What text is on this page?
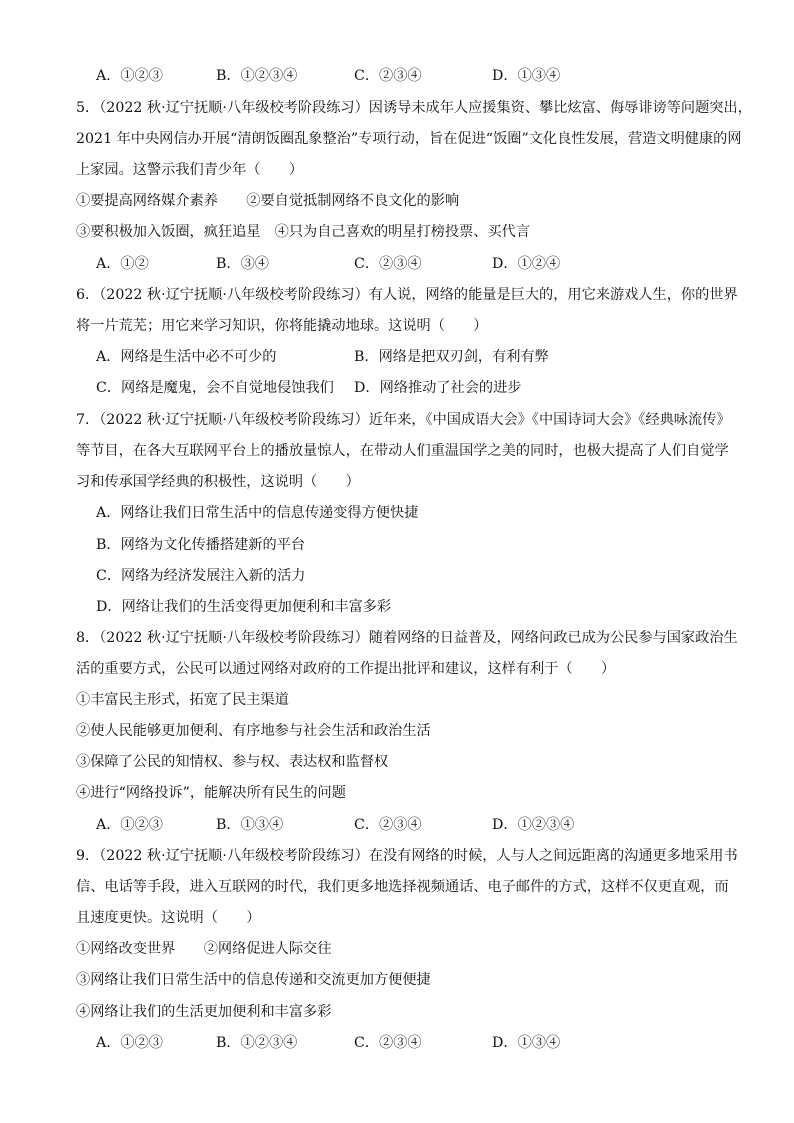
A．①②③	B．①②③④	C．②③④	D．①③④
5．（2022 秋·辽宁抚顺·八年级校考阶段练习）因诱导未成年人应援集资、攀比炫富、侮辱诽谤等问题突出，
2021 年中央网信办开展“清朗饭圈乱象整治”专项行动，旨在促进“饭圈”文化良性发展，营造文明健康的网
上家园。这警示我们青少年（　　）
①要提高网络媒介素养　　②要自觉抵制网络不良文化的影响
③要积极加入饭圈，疯狂追星　④只为自己喜欢的明星打榜投票、买代言
A．①②	B．③④	C．②③④	D．①②④
6．（2022 秋·辽宁抚顺·八年级校考阶段练习）有人说，网络的能量是巨大的，用它来游戏人生，你的世界
将一片荒芜；用它来学习知识，你将能撬动地球。这说明（　　）
A．网络是生活中必不可少的	B．网络是把双刃剑，有利有弊
C．网络是魔鬼，会不自觉地侵蚀我们 D．网络推动了社会的进步
7．（2022 秋·辽宁抚顺·八年级校考阶段练习）近年来，《中国成语大会》《中国诗词大会》《经典咏流传》
等节目，在各大互联网平台上的播放量惊人，在带动人们重温国学之美的同时，也极大提高了人们自觉学
习和传承国学经典的积极性，这说明（　　）
A．网络让我们日常生活中的信息传递变得方便快捷
B．网络为文化传播搭建新的平台
C．网络为经济发展注入新的活力
D．网络让我们的生活变得更加便利和丰富多彩
8．（2022 秋·辽宁抚顺·八年级校考阶段练习）随着网络的日益普及，网络问政已成为公民参与国家政治生
活的重要方式，公民可以通过网络对政府的工作提出批评和建议，这样有利于（　　）
①丰富民主形式，拓宽了民主渠道
②使人民能够更加便利、有序地参与社会生活和政治生活
③保障了公民的知情权、参与权、表达权和监督权
④进行“网络投诉”，能解决所有民生的问题
A．①②③	B．①③④	C．②③④	D．①②③④
9．（2022 秋·辽宁抚顺·八年级校考阶段练习）在没有网络的时候，人与人之间远距离的沟通更多地采用书
信、电话等手段，进入互联网的时代，我们更多地选择视频通话、电子邮件的方式，这样不仅更直观，而
且速度更快。这说明（　　）
①网络改变世界　　②网络促进人际交往
③网络让我们日常生活中的信息传递和交流更加方便便捷
④网络让我们的生活更加便利和丰富多彩
A．①②③	B．①②③④	C．②③④	D．①③④
